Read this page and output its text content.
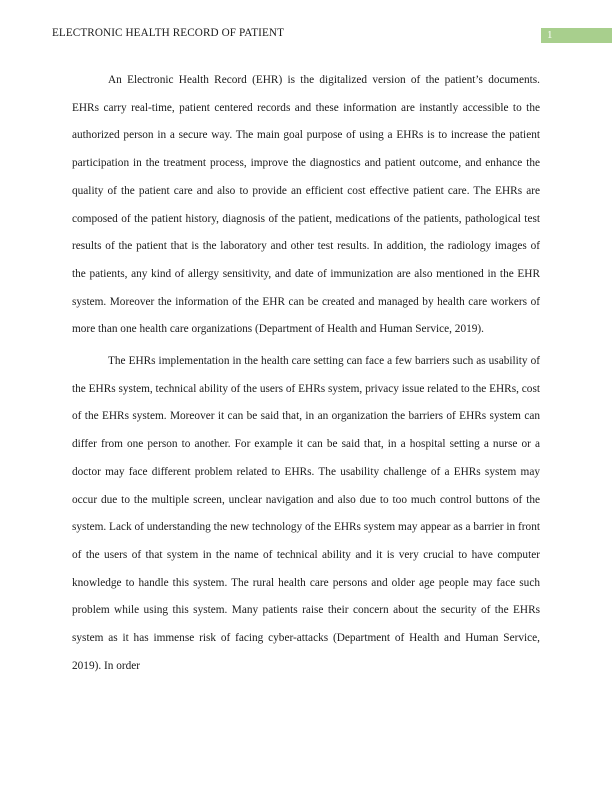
ELECTRONIC HEALTH RECORD OF PATIENT	1

An Electronic Health Record (EHR) is the digitalized version of the patient’s documents. EHRs carry real-time, patient centered records and these information are instantly accessible to the authorized person in a secure way. The main goal purpose of using a EHRs is to increase the patient participation in the treatment process, improve the diagnostics and patient outcome, and enhance the quality of the patient care and also to provide an efficient cost effective patient care. The EHRs are composed of the patient history, diagnosis of the patient, medications of the patients, pathological test results of the patient that is the laboratory and other test results. In addition, the radiology images of the patients, any kind of allergy sensitivity, and date of immunization are also mentioned in the EHR system. Moreover the information of the EHR can be created and managed by health care workers of more than one health care organizations (Department of Health and Human Service, 2019).

The EHRs implementation in the health care setting can face a few barriers such as usability of the EHRs system, technical ability of the users of EHRs system, privacy issue related to the EHRs, cost of the EHRs system. Moreover it can be said that, in an organization the barriers of EHRs system can differ from one person to another. For example it can be said that, in a hospital setting a nurse or a doctor may face different problem related to EHRs. The usability challenge of a EHRs system may occur due to the multiple screen, unclear navigation and also due to too much control buttons of the system. Lack of understanding the new technology of the EHRs system may appear as a barrier in front of the users of that system in the name of technical ability and it is very crucial to have computer knowledge to handle this system. The rural health care persons and older age people may face such problem while using this system. Many patients raise their concern about the security of the EHRs system as it has immense risk of facing cyber-attacks (Department of Health and Human Service, 2019). In order
